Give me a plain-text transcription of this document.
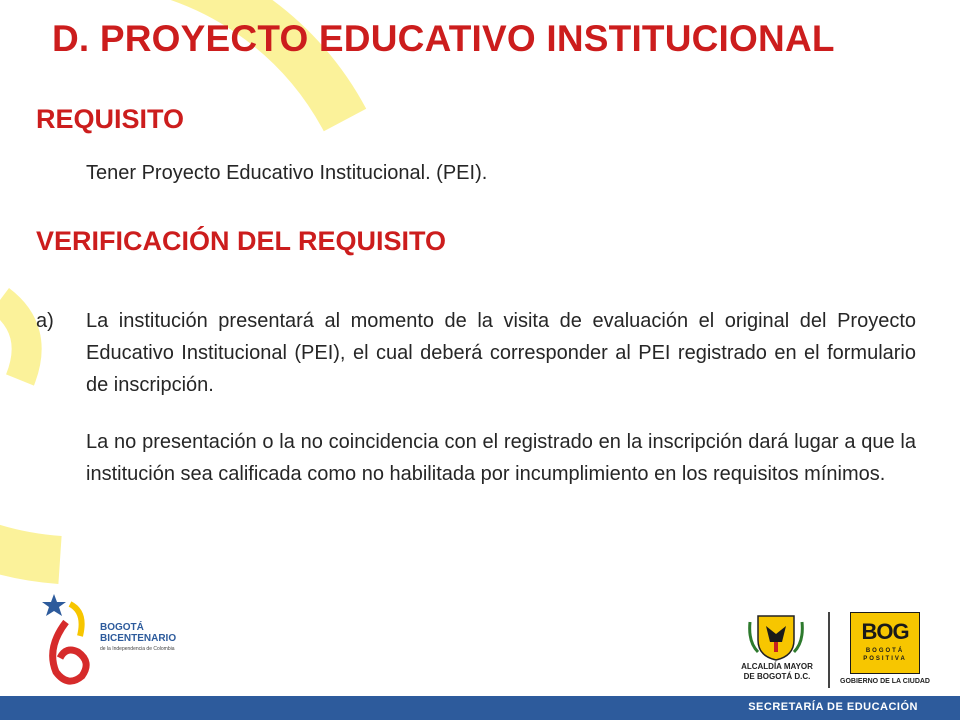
D. PROYECTO EDUCATIVO INSTITUCIONAL
REQUISITO
Tener Proyecto Educativo Institucional. (PEI).
VERIFICACIÓN DEL REQUISITO
a) La institución presentará al momento de la visita de evaluación el original del Proyecto Educativo Institucional (PEI), el cual deberá corresponder al PEI registrado en el formulario de inscripción.

La no presentación o la no coincidencia con el registrado en la inscripción dará lugar a que la institución sea calificada como no habilitada por incumplimiento en los requisitos mínimos.

BOGOTÁ
BICENTENARIO
de la Independencia de Colombia
ALCALDÍA MAYOR
DE BOGOTÁ D.C.
BOG
BOGOTÁ
POSITIVA
GOBIERNO DE LA CIUDAD
SECRETARÍA DE EDUCACIÓN
